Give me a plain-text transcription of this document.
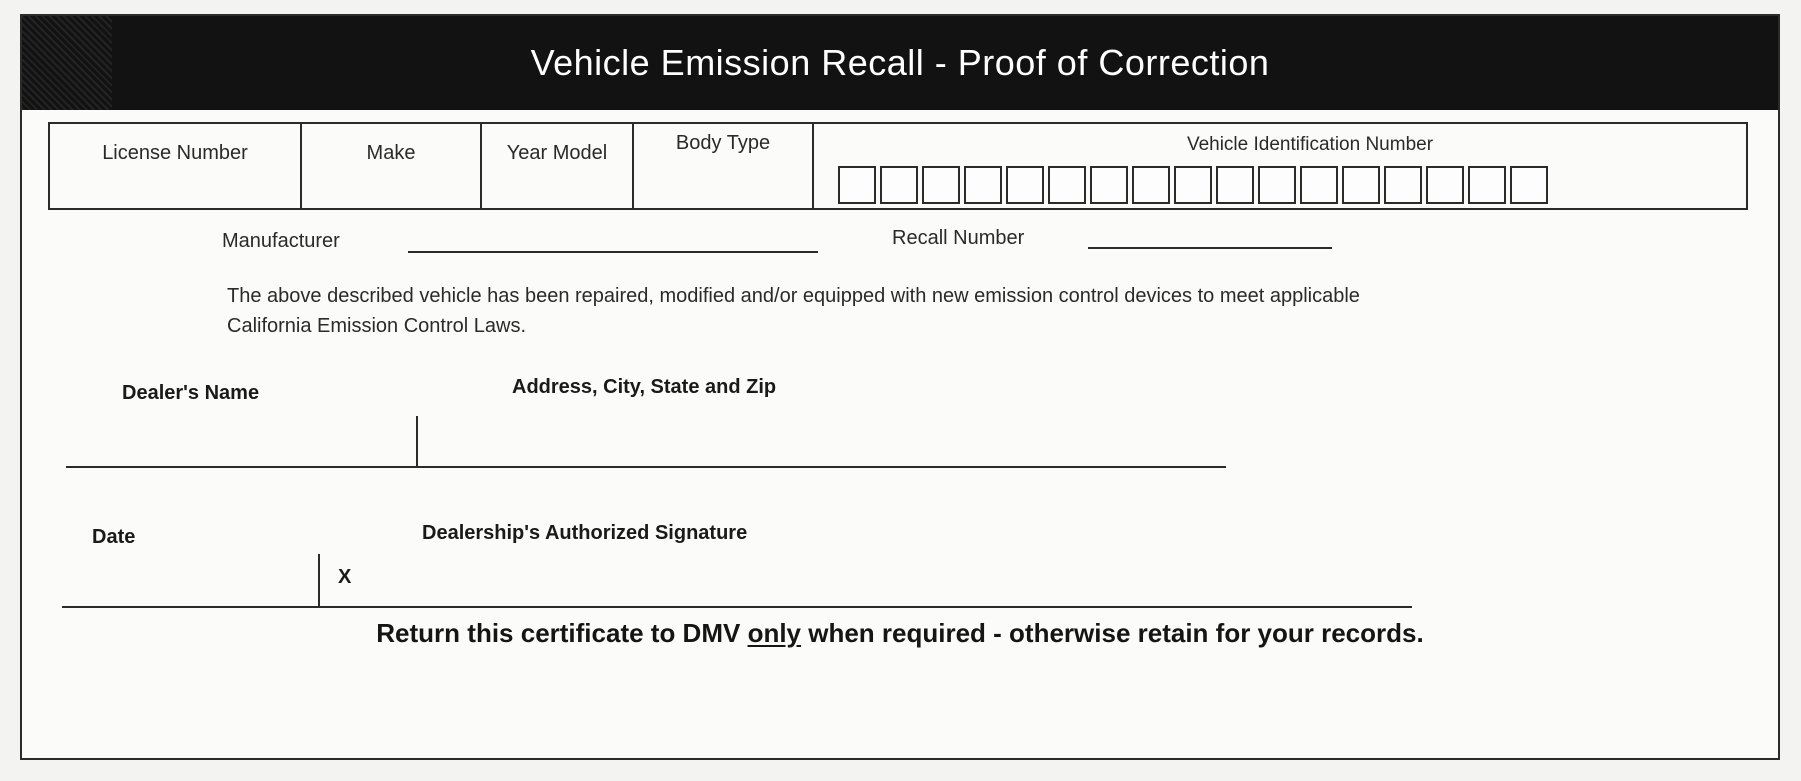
Vehicle Emission Recall - Proof of Correction
License Number	Make	Year Model	Body Type	Vehicle Identification Number
Manufacturer	Recall Number
The above described vehicle has been repaired, modified and/or equipped with new emission control devices to meet applicable California Emission Control Laws.
Dealer's Name	Address, City, State and Zip
Date	Dealership's Authorized Signature
X
Return this certificate to DMV only when required - otherwise retain for your records.
